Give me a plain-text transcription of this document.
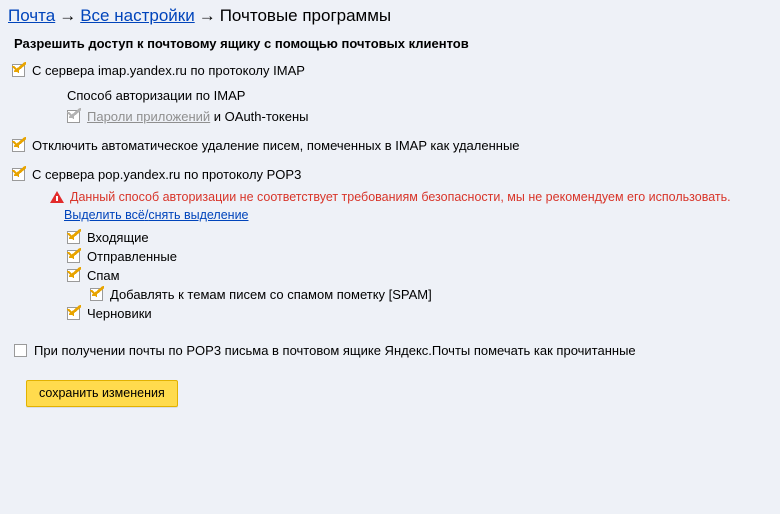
Почта → Все настройки → Почтовые программы
Разрешить доступ к почтовому ящику с помощью почтовых клиентов
С сервера imap.yandex.ru по протоколу IMAP
Способ авторизации по IMAP
Пароли приложений и OAuth-токены
Отключить автоматическое удаление писем, помеченных в IMAP как удаленные
С сервера pop.yandex.ru по протоколу POP3
Данный способ авторизации не соответствует требованиям безопасности, мы не рекомендуем его использовать.
Выделить всё/снять выделение
Входящие
Отправленные
Спам
Добавлять к темам писем со спамом пометку [SPAM]
Черновики
При получении почты по POP3 письма в почтовом ящике Яндекс.Почты помечать как прочитанные
сохранить изменения
